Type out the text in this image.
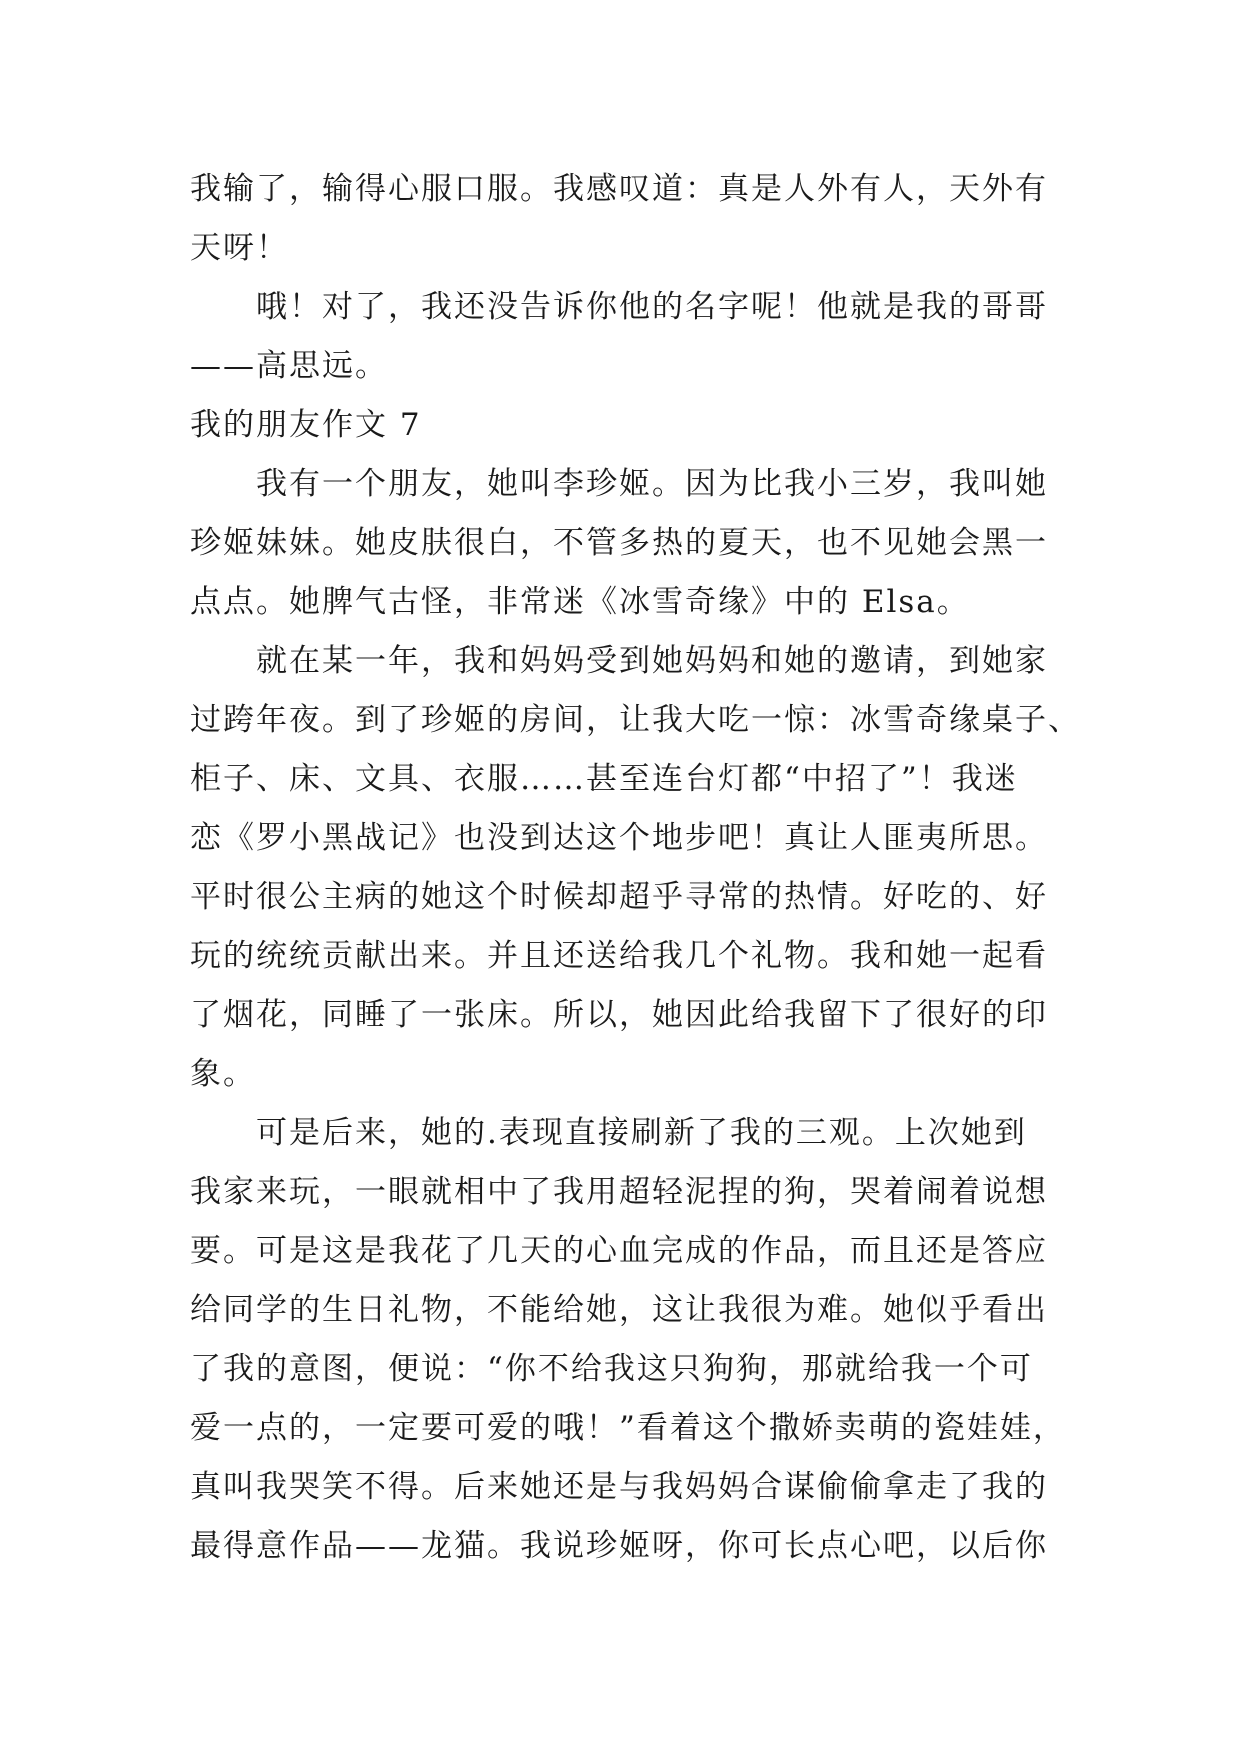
我输了，输得心服口服。我感叹道：真是人外有人，天外有
天呀！
哦！对了，我还没告诉你他的名字呢！他就是我的哥哥
——高思远。
我的朋友作文 7
我有一个朋友，她叫李珍姬。因为比我小三岁，我叫她
珍姬妹妹。她皮肤很白，不管多热的夏天，也不见她会黑一
点点。她脾气古怪，非常迷《冰雪奇缘》中的 Elsa。
就在某一年，我和妈妈受到她妈妈和她的邀请，到她家
过跨年夜。到了珍姬的房间，让我大吃一惊：冰雪奇缘桌子、
柜子、床、文具、衣服……甚至连台灯都“中招了”！我迷
恋《罗小黑战记》也没到达这个地步吧！真让人匪夷所思。
平时很公主病的她这个时候却超乎寻常的热情。好吃的、好
玩的统统贡献出来。并且还送给我几个礼物。我和她一起看
了烟花，同睡了一张床。所以，她因此给我留下了很好的印
象。
可是后来，她的.表现直接刷新了我的三观。上次她到
我家来玩，一眼就相中了我用超轻泥捏的狗，哭着闹着说想
要。可是这是我花了几天的心血完成的作品，而且还是答应
给同学的生日礼物，不能给她，这让我很为难。她似乎看出
了我的意图，便说：“你不给我这只狗狗，那就给我一个可
爱一点的，一定要可爱的哦！”看着这个撒娇卖萌的瓷娃娃，
真叫我哭笑不得。后来她还是与我妈妈合谋偷偷拿走了我的
最得意作品——龙猫。我说珍姬呀，你可长点心吧，以后你
